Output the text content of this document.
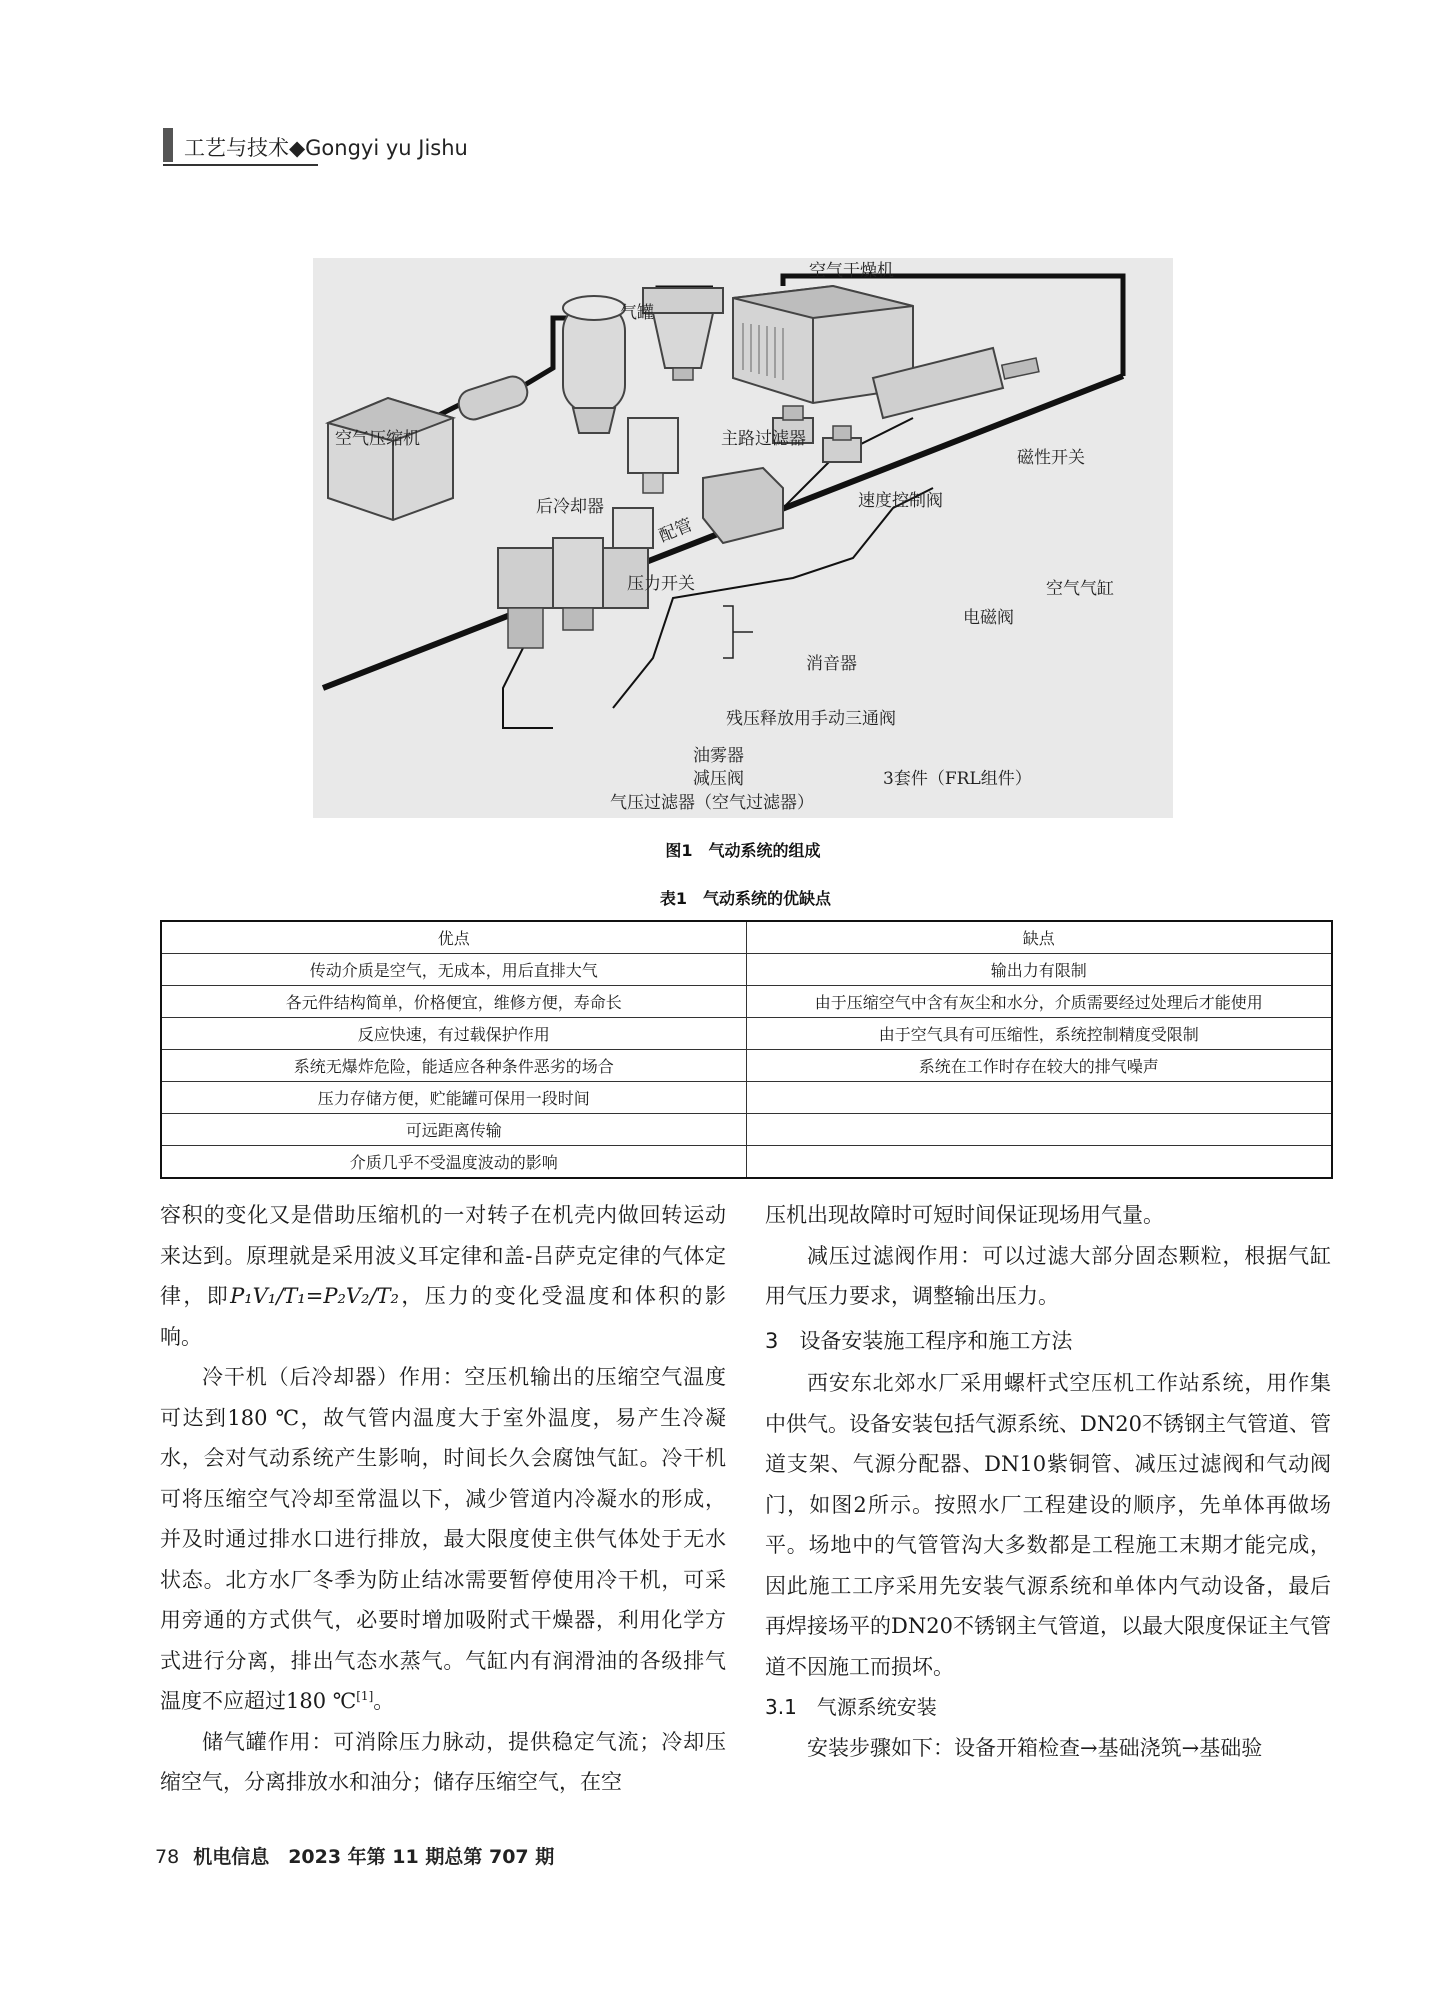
工艺与技术◆Gongyi yu Jishu
空气干燥机
气罐
空气压缩机	主路过滤器
后冷却器
配管
磁性开关
速度控制阀
压力开关	空气气缸
电磁阀
消音器
残压释放用手动三通阀
油雾器
减压阀
气压过滤器（空气过滤器）
3套件（FRL组件）
图1　气动系统的组成
表1　气动系统的优缺点
优点	缺点
传动介质是空气，无成本，用后直排大气	输出力有限制
各元件结构简单，价格便宜，维修方便，寿命长	由于压缩空气中含有灰尘和水分，介质需要经过处理后才能使用
反应快速，有过载保护作用	由于空气具有可压缩性，系统控制精度受限制
系统无爆炸危险，能适应各种条件恶劣的场合	系统在工作时存在较大的排气噪声
压力存储方便，贮能罐可保用一段时间	
可远距离传输	
介质几乎不受温度波动的影响	

容积的变化又是借助压缩机的一对转子在机壳内做回转运动来达到。原理就是采用波义耳定律和盖-吕萨克定律的气体定律，即P₁V₁/T₁=P₂V₂/T₂，压力的变化受温度和体积的影响。

冷干机（后冷却器）作用：空压机输出的压缩空气温度可达到180 ℃，故气管内温度大于室外温度，易产生冷凝水，会对气动系统产生影响，时间长久会腐蚀气缸。冷干机可将压缩空气冷却至常温以下，减少管道内冷凝水的形成，并及时通过排水口进行排放，最大限度使主供气体处于无水状态。北方水厂冬季为防止结冰需要暂停使用冷干机，可采用旁通的方式供气，必要时增加吸附式干燥器，利用化学方式进行分离，排出气态水蒸气。气缸内有润滑油的各级排气温度不应超过180 ℃[1]。

储气罐作用：可消除压力脉动，提供稳定气流；冷却压缩空气，分离排放水和油分；储存压缩空气，在空

压机出现故障时可短时间保证现场用气量。

减压过滤阀作用：可以过滤大部分固态颗粒，根据气缸用气压力要求，调整输出压力。

3　设备安装施工程序和施工方法

西安东北郊水厂采用螺杆式空压机工作站系统，用作集中供气。设备安装包括气源系统、DN20不锈钢主气管道、管道支架、气源分配器、DN10紫铜管、减压过滤阀和气动阀门，如图2所示。按照水厂工程建设的顺序，先单体再做场平。场地中的气管管沟大多数都是工程施工末期才能完成，因此施工工序采用先安装气源系统和单体内气动设备，最后再焊接场平的DN20不锈钢主气管道，以最大限度保证主气管道不因施工而损坏。

3.1　气源系统安装

安装步骤如下：设备开箱检查→基础浇筑→基础验

78 机电信息　2023 年第 11 期总第 707 期
